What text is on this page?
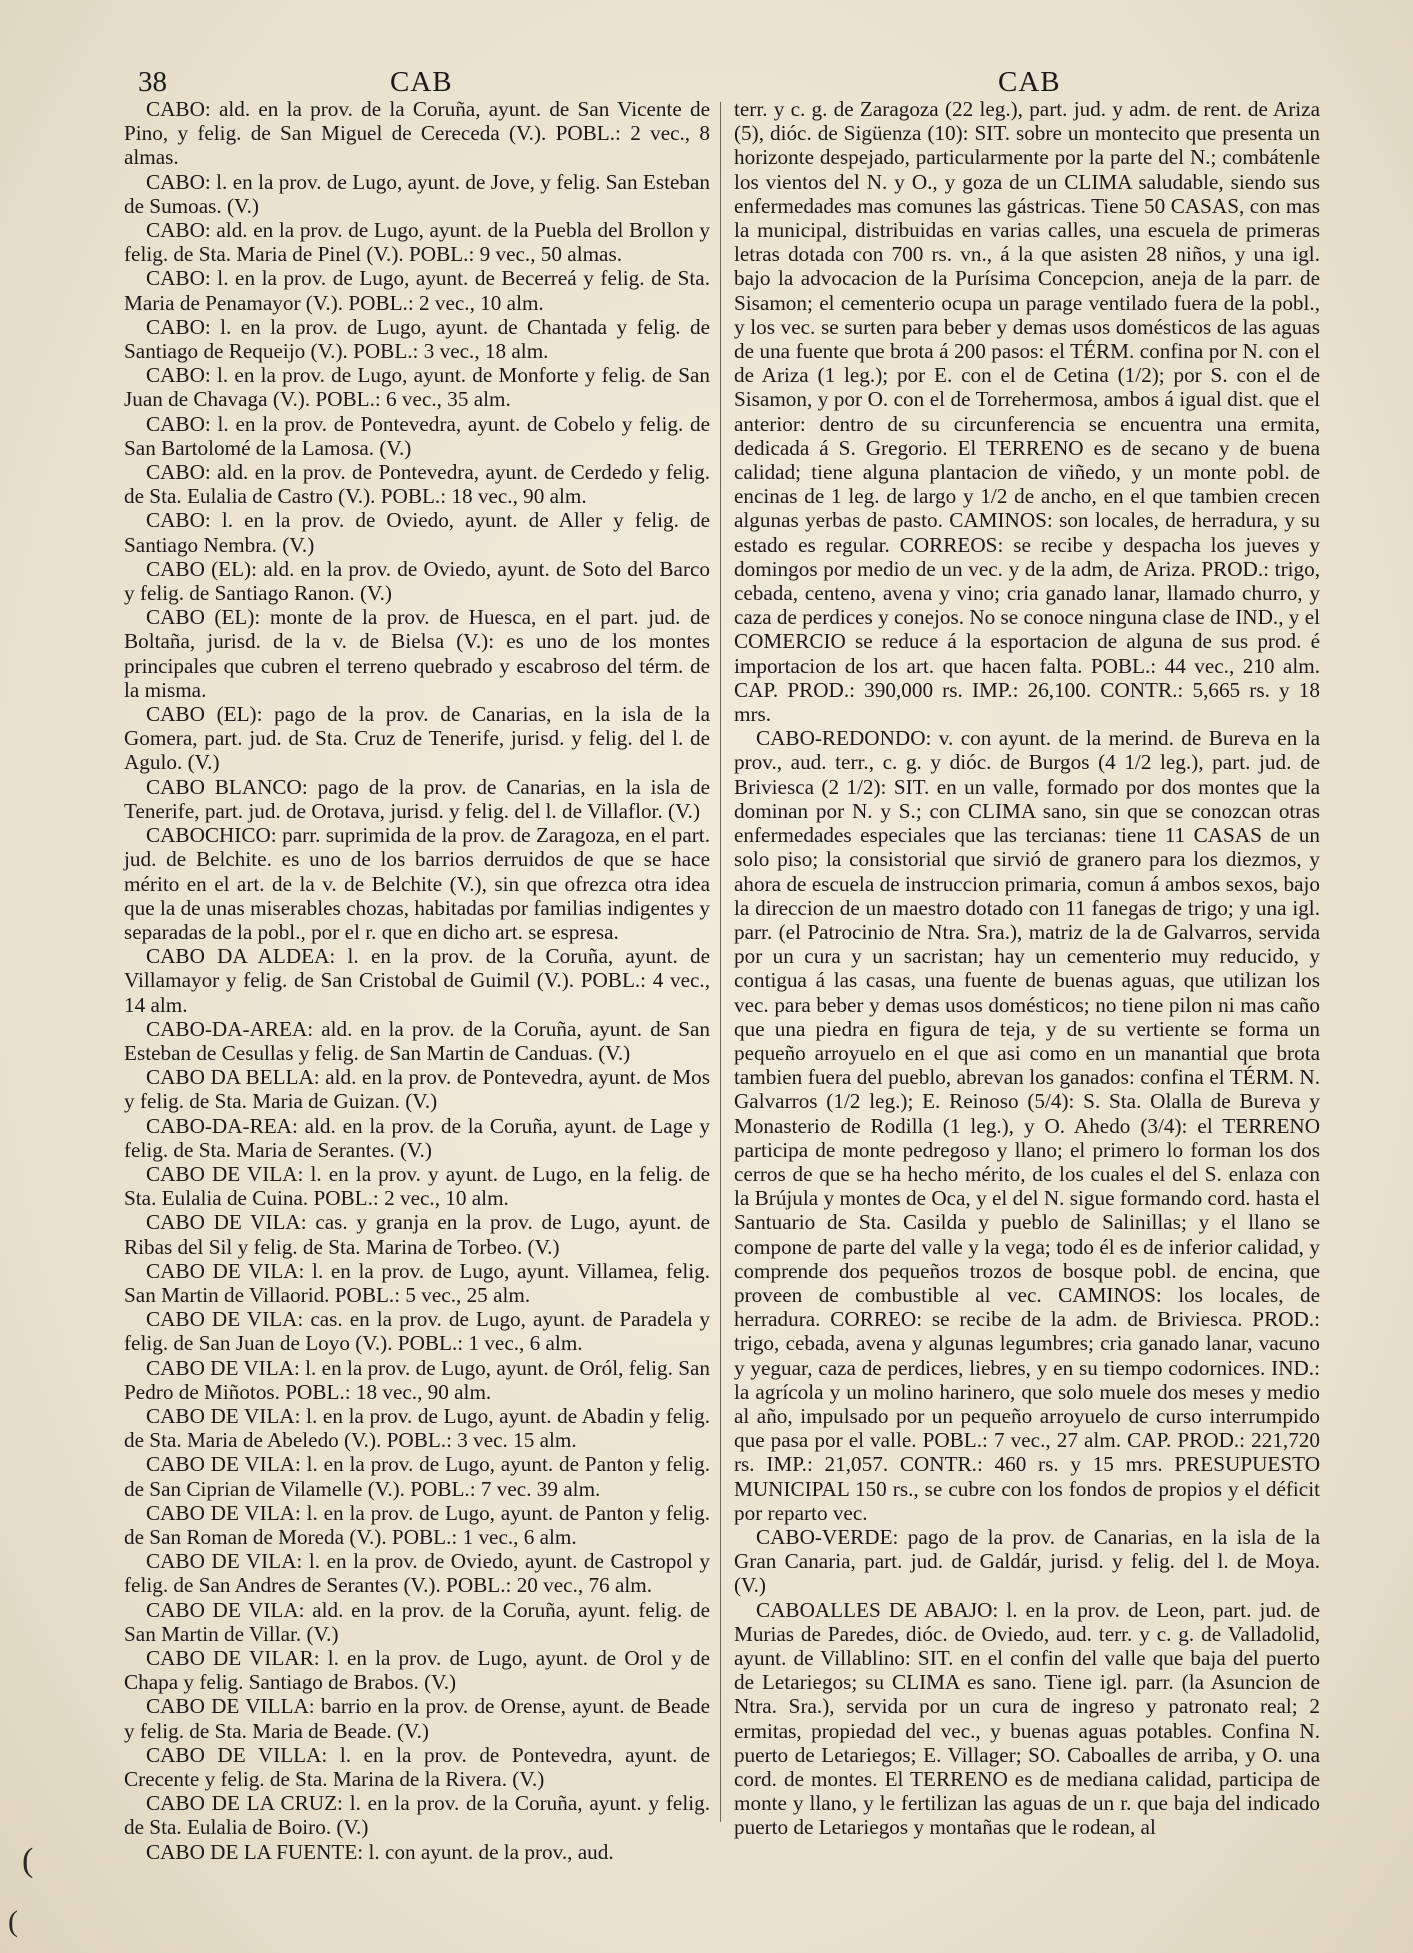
38	CAB	CAB

CABO: ald. en la prov. de la Coruña, ayunt. de San Vicente de Pino, y felig. de San Miguel de Cereceda (V.). POBL.: 2 vec., 8 almas.

CABO: l. en la prov. de Lugo, ayunt. de Jove, y felig. San Esteban de Sumoas. (V.)

CABO: ald. en la prov. de Lugo, ayunt. de la Puebla del Brollon y felig. de Sta. Maria de Pinel (V.). POBL.: 9 vec., 50 almas.

CABO: l. en la prov. de Lugo, ayunt. de Becerreá y felig. de Sta. Maria de Penamayor (V.). POBL.: 2 vec., 10 alm.

CABO: l. en la prov. de Lugo, ayunt. de Chantada y felig. de Santiago de Requeijo (V.). POBL.: 3 vec., 18 alm.

CABO: l. en la prov. de Lugo, ayunt. de Monforte y felig. de San Juan de Chavaga (V.). POBL.: 6 vec., 35 alm.

CABO: l. en la prov. de Pontevedra, ayunt. de Cobelo y felig. de San Bartolomé de la Lamosa. (V.)

CABO: ald. en la prov. de Pontevedra, ayunt. de Cerdedo y felig. de Sta. Eulalia de Castro (V.). POBL.: 18 vec., 90 alm.

CABO: l. en la prov. de Oviedo, ayunt. de Aller y felig. de Santiago Nembra. (V.)

CABO (EL): ald. en la prov. de Oviedo, ayunt. de Soto del Barco y felig. de Santiago Ranon. (V.)

CABO (EL): monte de la prov. de Huesca, en el part. jud. de Boltaña, jurisd. de la v. de Bielsa (V.): es uno de los montes principales que cubren el terreno quebrado y escabroso del térm. de la misma.

CABO (EL): pago de la prov. de Canarias, en la isla de la Gomera, part. jud. de Sta. Cruz de Tenerife, jurisd. y felig. del l. de Agulo. (V.)

CABO BLANCO: pago de la prov. de Canarias, en la isla de Tenerife, part. jud. de Orotava, jurisd. y felig. del l. de Villaflor. (V.)

CABOCHICO: parr. suprimida de la prov. de Zaragoza, en el part. jud. de Belchite. es uno de los barrios derruidos de que se hace mérito en el art. de la v. de Belchite (V.), sin que ofrezca otra idea que la de unas miserables chozas, habitadas por familias indigentes y separadas de la pobl., por el r. que en dicho art. se espresa.

CABO DA ALDEA: l. en la prov. de la Coruña, ayunt. de Villamayor y felig. de San Cristobal de Guimil (V.). POBL.: 4 vec., 14 alm.

CABO-DA-AREA: ald. en la prov. de la Coruña, ayunt. de San Esteban de Cesullas y felig. de San Martin de Canduas. (V.)

CABO DA BELLA: ald. en la prov. de Pontevedra, ayunt. de Mos y felig. de Sta. Maria de Guizan. (V.)

CABO-DA-REA: ald. en la prov. de la Coruña, ayunt. de Lage y felig. de Sta. Maria de Serantes. (V.)

CABO DE VILA: l. en la prov. y ayunt. de Lugo, en la felig. de Sta. Eulalia de Cuina. POBL.: 2 vec., 10 alm.

CABO DE VILA: cas. y granja en la prov. de Lugo, ayunt. de Ribas del Sil y felig. de Sta. Marina de Torbeo. (V.)

CABO DE VILA: l. en la prov. de Lugo, ayunt. Villamea, felig. San Martin de Villaorid. POBL.: 5 vec., 25 alm.

CABO DE VILA: cas. en la prov. de Lugo, ayunt. de Paradela y felig. de San Juan de Loyo (V.). POBL.: 1 vec., 6 alm.

CABO DE VILA: l. en la prov. de Lugo, ayunt. de Oról, felig. San Pedro de Miñotos. POBL.: 18 vec., 90 alm.

CABO DE VILA: l. en la prov. de Lugo, ayunt. de Abadin y felig. de Sta. Maria de Abeledo (V.). POBL.: 3 vec. 15 alm.

CABO DE VILA: l. en la prov. de Lugo, ayunt. de Panton y felig. de San Ciprian de Vilamelle (V.). POBL.: 7 vec. 39 alm.

CABO DE VILA: l. en la prov. de Lugo, ayunt. de Panton y felig. de San Roman de Moreda (V.). POBL.: 1 vec., 6 alm.

CABO DE VILA: l. en la prov. de Oviedo, ayunt. de Castropol y felig. de San Andres de Serantes (V.). POBL.: 20 vec., 76 alm.

CABO DE VILA: ald. en la prov. de la Coruña, ayunt. felig. de San Martin de Villar. (V.)

CABO DE VILAR: l. en la prov. de Lugo, ayunt. de Orol y de Chapa y felig. Santiago de Brabos. (V.)

CABO DE VILLA: barrio en la prov. de Orense, ayunt. de Beade y felig. de Sta. Maria de Beade. (V.)

CABO DE VILLA: l. en la prov. de Pontevedra, ayunt. de Crecente y felig. de Sta. Marina de la Rivera. (V.)

CABO DE LA CRUZ: l. en la prov. de la Coruña, ayunt. y felig. de Sta. Eulalia de Boiro. (V.)

CABO DE LA FUENTE: l. con ayunt. de la prov., aud.

terr. y c. g. de Zaragoza (22 leg.), part. jud. y adm. de rent. de Ariza (5), dióc. de Sigüenza (10): SIT. sobre un montecito que presenta un horizonte despejado, particularmente por la parte del N.; combátenle los vientos del N. y O., y goza de un CLIMA saludable, siendo sus enfermedades mas comunes las gástricas. Tiene 50 CASAS, con mas la municipal, distribuidas en varias calles, una escuela de primeras letras dotada con 700 rs. vn., á la que asisten 28 niños, y una igl. bajo la advocacion de la Purísima Concepcion, aneja de la parr. de Sisamon; el cementerio ocupa un parage ventilado fuera de la pobl., y los vec. se surten para beber y demas usos domésticos de las aguas de una fuente que brota á 200 pasos: el TÉRM. confina por N. con el de Ariza (1 leg.); por E. con el de Cetina (1/2); por S. con el de Sisamon, y por O. con el de Torrehermosa, ambos á igual dist. que el anterior: dentro de su circunferencia se encuentra una ermita, dedicada á S. Gregorio. El TERRENO es de secano y de buena calidad; tiene alguna plantacion de viñedo, y un monte pobl. de encinas de 1 leg. de largo y 1/2 de ancho, en el que tambien crecen algunas yerbas de pasto. CAMINOS: son locales, de herradura, y su estado es regular. CORREOS: se recibe y despacha los jueves y domingos por medio de un vec. y de la adm, de Ariza. PROD.: trigo, cebada, centeno, avena y vino; cria ganado lanar, llamado churro, y caza de perdices y conejos. No se conoce ninguna clase de IND., y el COMERCIO se reduce á la esportacion de alguna de sus prod. é importacion de los art. que hacen falta. POBL.: 44 vec., 210 alm. CAP. PROD.: 390,000 rs. IMP.: 26,100. CONTR.: 5,665 rs. y 18 mrs.

CABO-REDONDO: v. con ayunt. de la merind. de Bureva en la prov., aud. terr., c. g. y dióc. de Burgos (4 1/2 leg.), part. jud. de Briviesca (2 1/2): SIT. en un valle, formado por dos montes que la dominan por N. y S.; con CLIMA sano, sin que se conozcan otras enfermedades especiales que las tercianas: tiene 11 CASAS de un solo piso; la consistorial que sirvió de granero para los diezmos, y ahora de escuela de instruccion primaria, comun á ambos sexos, bajo la direccion de un maestro dotado con 11 fanegas de trigo; y una igl. parr. (el Patrocinio de Ntra. Sra.), matriz de la de Galvarros, servida por un cura y un sacristan; hay un cementerio muy reducido, y contigua á las casas, una fuente de buenas aguas, que utilizan los vec. para beber y demas usos domésticos; no tiene pilon ni mas caño que una piedra en figura de teja, y de su vertiente se forma un pequeño arroyuelo en el que asi como en un manantial que brota tambien fuera del pueblo, abrevan los ganados: confina el TÉRM. N. Galvarros (1/2 leg.); E. Reinoso (5/4): S. Sta. Olalla de Bureva y Monasterio de Rodilla (1 leg.), y O. Ahedo (3/4): el TERRENO participa de monte pedregoso y llano; el primero lo forman los dos cerros de que se ha hecho mérito, de los cuales el del S. enlaza con la Brújula y montes de Oca, y el del N. sigue formando cord. hasta el Santuario de Sta. Casilda y pueblo de Salinillas; y el llano se compone de parte del valle y la vega; todo él es de inferior calidad, y comprende dos pequeños trozos de bosque pobl. de encina, que proveen de combustible al vec. CAMINOS: los locales, de herradura. CORREO: se recibe de la adm. de Briviesca. PROD.: trigo, cebada, avena y algunas legumbres; cria ganado lanar, vacuno y yeguar, caza de perdices, liebres, y en su tiempo codornices. IND.: la agrícola y un molino harinero, que solo muele dos meses y medio al año, impulsado por un pequeño arroyuelo de curso interrumpido que pasa por el valle. POBL.: 7 vec., 27 alm. CAP. PROD.: 221,720 rs. IMP.: 21,057. CONTR.: 460 rs. y 15 mrs. PRESUPUESTO MUNICIPAL 150 rs., se cubre con los fondos de propios y el déficit por reparto vec.

CABO-VERDE: pago de la prov. de Canarias, en la isla de la Gran Canaria, part. jud. de Galdár, jurisd. y felig. del l. de Moya. (V.)

CABOALLES DE ABAJO: l. en la prov. de Leon, part. jud. de Murias de Paredes, dióc. de Oviedo, aud. terr. y c. g. de Valladolid, ayunt. de Villablino: SIT. en el confin del valle que baja del puerto de Letariegos; su CLIMA es sano. Tiene igl. parr. (la Asuncion de Ntra. Sra.), servida por un cura de ingreso y patronato real; 2 ermitas, propiedad del vec., y buenas aguas potables. Confina N. puerto de Letariegos; E. Villager; SO. Caboalles de arriba, y O. una cord. de montes. El TERRENO es de mediana calidad, participa de monte y llano, y le fertilizan las aguas de un r. que baja del indicado puerto de Letariegos y montañas que le rodean, al

(
(
